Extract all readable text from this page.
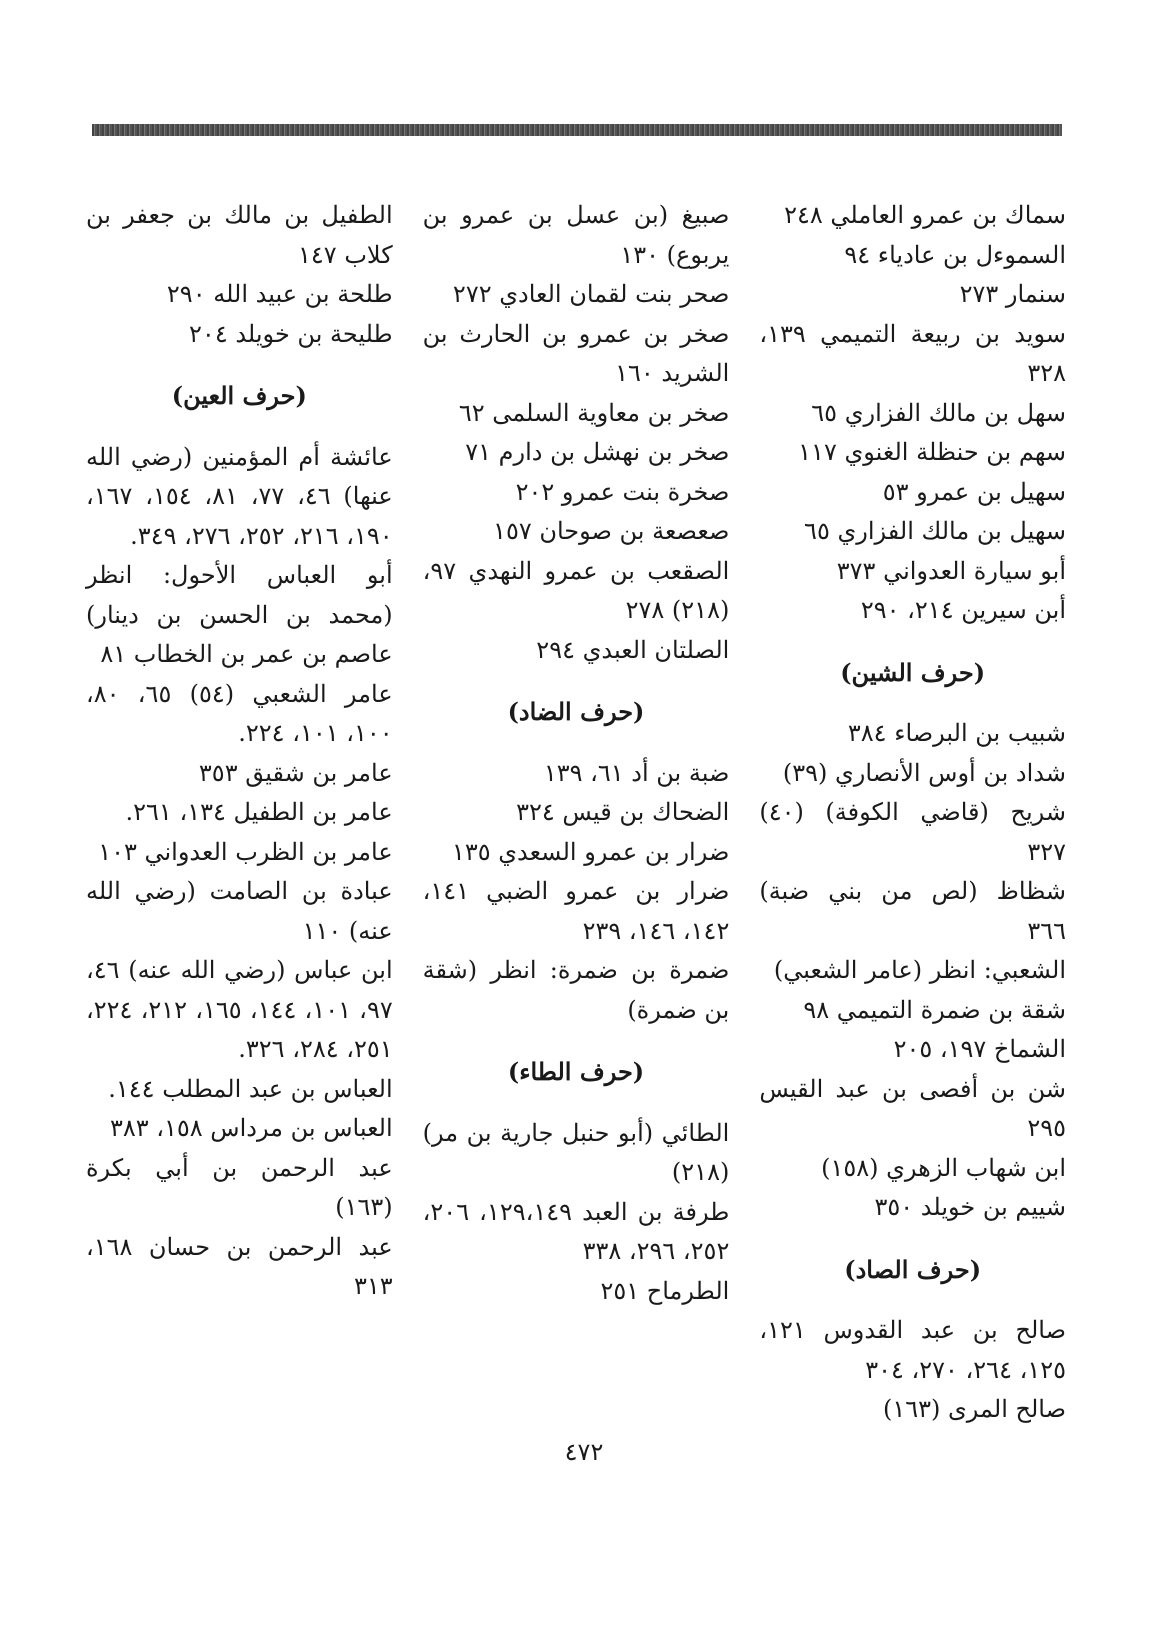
سماك بن عمرو العاملي ٢٤٨
السموءل بن عادياء ٩٤
سنمار ٢٧٣
سويد بن ربيعة التميمي ١٣٩، ٣٢٨
سهل بن مالك الفزاري ٦٥
سهم بن حنظلة الغنوي ١١٧
سهيل بن عمرو ٥٣
سهيل بن مالك الفزاري ٦٥
أبو سيارة العدواني ٣٧٣
أبن سيرين ٢١٤، ٢٩٠
(حرف الشين)
شبيب بن البرصاء ٣٨٤
شداد بن أوس الأنصاري (٣٩)
شريح (قاضي الكوفة) (٤٠) ٣٢٧
شظاظ (لص من بني ضبة) ٣٦٦
الشعبي: انظر (عامر الشعبي)
شقة بن ضمرة التميمي ٩٨
الشماخ ١٩٧، ٢٠٥
شن بن أفصى بن عبد القيس ٢٩٥
ابن شهاب الزهري (١٥٨)
شييم بن خويلد ٣٥٠
(حرف الصاد)
صالح بن عبد القدوس ١٢١، ١٢٥، ٢٦٤، ٢٧٠، ٣٠٤
صالح المرى (١٦٣)
صبيغ (بن عسل بن عمرو بن يربوع) ١٣٠
صحر بنت لقمان العادي ٢٧٢
صخر بن عمرو بن الحارث بن الشريد ١٦٠
صخر بن معاوية السلمى ٦٢
صخر بن نهشل بن دارم ٧١
صخرة بنت عمرو ٢٠٢
صعصعة بن صوحان ١٥٧
الصقعب بن عمرو النهدي ٩٧، (٢١٨) ٢٧٨
الصلتان العبدي ٢٩٤
(حرف الضاد)
ضبة بن أد ٦١، ١٣٩
الضحاك بن قيس ٣٢٤
ضرار بن عمرو السعدي ١٣٥
ضرار بن عمرو الضبي ١٤١، ١٤٢، ١٤٦، ٢٣٩
ضمرة بن ضمرة: انظر (شقة بن ضمرة)
(حرف الطاء)
الطائي (أبو حنبل جارية بن مر) (٢١٨)
طرفة بن العبد ١٢٩،١٤٩، ٢٠٦، ٢٥٢، ٢٩٦، ٣٣٨
الطرماح ٢٥١
الطفيل بن مالك بن جعفر بن كلاب ١٤٧
طلحة بن عبيد الله ٢٩٠
طليحة بن خويلد ٢٠٤
(حرف العين)
عائشة أم المؤمنين (رضي الله عنها) ٤٦، ٧٧، ٨١، ١٥٤، ١٦٧، ١٩٠، ٢١٦، ٢٥٢، ٢٧٦، ٣٤٩.
أبو العباس الأحول: انظر (محمد بن الحسن بن دينار) عاصم بن عمر بن الخطاب ٨١
عامر الشعبي (٥٤) ٦٥، ٨٠، ١٠٠، ١٠١، ٢٢٤.
عامر بن شقيق ٣٥٣
عامر بن الطفيل ١٣٤، ٢٦١.
عامر بن الظرب العدواني ١٠٣
عبادة بن الصامت (رضي الله عنه) ١١٠
ابن عباس (رضي الله عنه) ٤٦، ٩٧، ١٠١، ١٤٤، ١٦٥، ٢١٢، ٢٢٤، ٢٥١، ٢٨٤، ٣٢٦.
العباس بن عبد المطلب ١٤٤.
العباس بن مرداس ١٥٨، ٣٨٣
عبد الرحمن بن أبي بكرة (١٦٣)
عبد الرحمن بن حسان ١٦٨، ٣١٣
٤٧٢
